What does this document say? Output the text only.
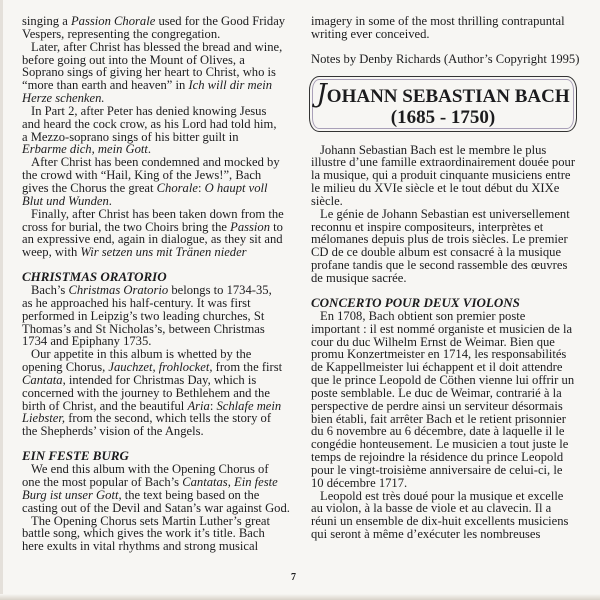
singing a Passion Chorale used for the Good Friday
Vespers, representing the congregation.
Later, after Christ has blessed the bread and wine,
before going out into the Mount of Olives, a
Soprano sings of giving her heart to Christ, who is
“more than earth and heaven” in Ich will dir mein
Herze schenken.
In Part 2, after Peter has denied knowing Jesus
and heard the cock crow, as his Lord had told him,
a Mezzo-soprano sings of his bitter guilt in
Erbarme dich, mein Gott.
After Christ has been condemned and mocked by
the crowd with “Hail, King of the Jews!”, Bach
gives the Chorus the great Chorale: O haupt voll
Blut und Wunden.
Finally, after Christ has been taken down from the
cross for burial, the two Choirs bring the Passion to
an expressive end, again in dialogue, as they sit and
weep, with Wir setzen uns mit Tränen nieder
CHRISTMAS ORATORIO
Bach’s Christmas Oratorio belongs to 1734-35,
as he approached his half-century. It was first
performed in Leipzig’s two leading churches, St
Thomas’s and St Nicholas’s, between Christmas
1734 and Epiphany 1735.
Our appetite in this album is whetted by the
opening Chorus, Jauchzet, frohlocket, from the first
Cantata, intended for Christmas Day, which is
concerned with the journey to Bethlehem and the
birth of Christ, and the beautiful Aria: Schlafe mein
Liebster, from the second, which tells the story of
the Shepherds’ vision of the Angels.
EIN FESTE BURG
We end this album with the Opening Chorus of
one the most popular of Bach’s Cantatas, Ein feste
Burg ist unser Gott, the text being based on the
casting out of the Devil and Satan’s war against God.
The Opening Chorus sets Martin Luther’s great
battle song, which gives the work it’s title. Bach
here exults in vital rhythms and strong musical
imagery in some of the most thrilling contrapuntal
writing ever conceived.
Notes by Denby Richards (Author’s Copyright 1995)
JOHANN SEBASTIAN BACH
(1685 - 1750)
Johann Sebastian Bach est le membre le plus
illustre d’une famille extraordinairement douée pour
la musique, qui a produit cinquante musiciens entre
le milieu du XVIe siècle et le tout début du XIXe
siècle.
Le génie de Johann Sebastian est universellement
reconnu et inspire compositeurs, interprètes et
mélomanes depuis plus de trois siècles. Le premier
CD de ce double album est consacré à la musique
profane tandis que le second rassemble des œuvres
de musique sacrée.
CONCERTO POUR DEUX VIOLONS
En 1708, Bach obtient son premier poste
important : il est nommé organiste et musicien de la
cour du duc Wilhelm Ernst de Weimar. Bien que
promu Konzertmeister en 1714, les responsabilités
de Kappellmeister lui échappent et il doit attendre
que le prince Leopold de Cöthen vienne lui offrir un
poste semblable. Le duc de Weimar, contrarié à la
perspective de perdre ainsi un serviteur désormais
bien établi, fait arrêter Bach et le retient prisonnier
du 6 novembre au 6 décembre, date à laquelle il le
congédie honteusement. Le musicien a tout juste le
temps de rejoindre la résidence du prince Leopold
pour le vingt-troisième anniversaire de celui-ci, le
10 décembre 1717.
Leopold est très doué pour la musique et excelle
au violon, à la basse de viole et au clavecin. Il a
réuni un ensemble de dix-huit excellents musiciens
qui seront à même d’exécuter les nombreuses
7
